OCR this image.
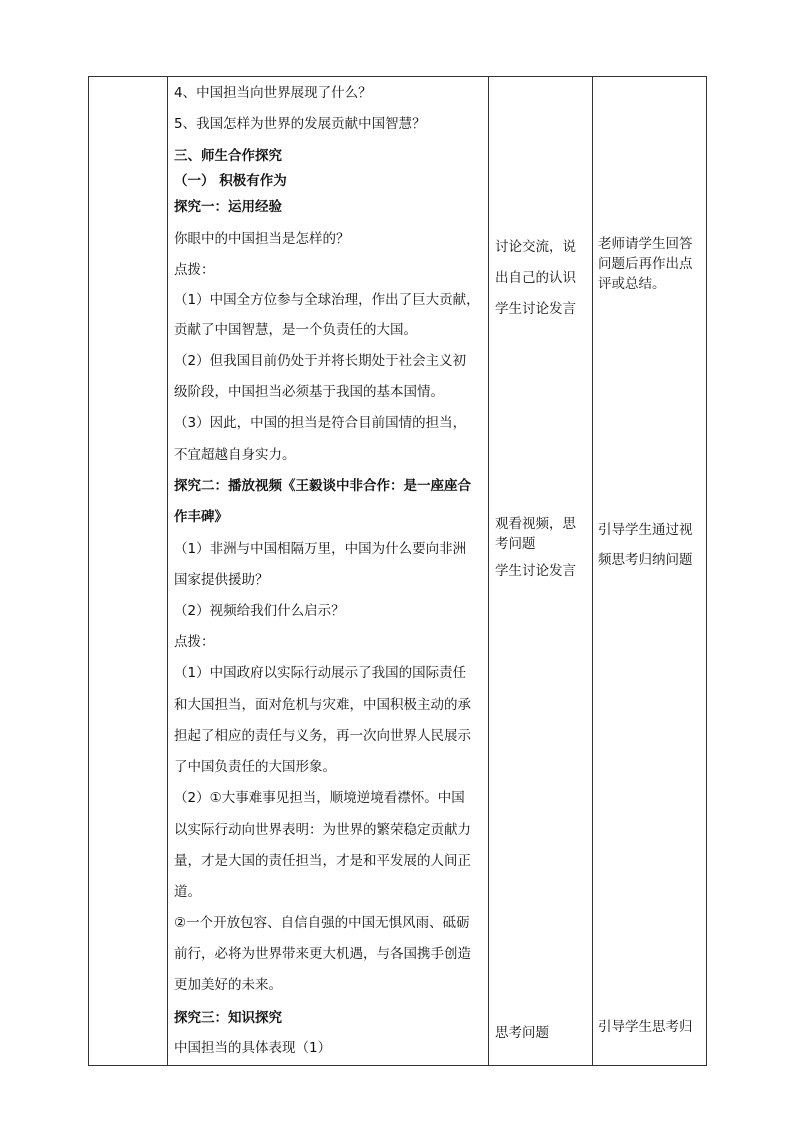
4、中国担当向世界展现了什么？
5、我国怎样为世界的发展贡献中国智慧？
三、师生合作探究
（一） 积极有作为
探究一：运用经验
你眼中的中国担当是怎样的？
点拨：
（1）中国全方位参与全球治理，作出了巨大贡献，
贡献了中国智慧，是一个负责任的大国。
（2）但我国目前仍处于并将长期处于社会主义初
级阶段，中国担当必须基于我国的基本国情。
（3）因此，中国的担当是符合目前国情的担当，
不宜超越自身实力。
探究二：播放视频《王毅谈中非合作：是一座座合
作丰碑》
（1）非洲与中国相隔万里，中国为什么要向非洲
国家提供援助？
（2）视频给我们什么启示？
点拨：
（1）中国政府以实际行动展示了我国的国际责任
和大国担当，面对危机与灾难，中国积极主动的承
担起了相应的责任与义务，再一次向世界人民展示
了中国负责任的大国形象。
（2）①大事难事见担当，顺境逆境看襟怀。中国
以实际行动向世界表明：为世界的繁荣稳定贡献力
量，才是大国的责任担当，才是和平发展的人间正
道。
②一个开放包容、自信自强的中国无惧风雨、砥砺
前行，必将为世界带来更大机遇，与各国携手创造
更加美好的未来。
探究三：知识探究
中国担当的具体表现（1）
讨论交流，说
出自己的认识
学生讨论发言
观看视频，思
考问题
学生讨论发言
思考问题
老师请学生回答
问题后再作出点
评或总结。
引导学生通过视
频思考归纳问题
引导学生思考归
